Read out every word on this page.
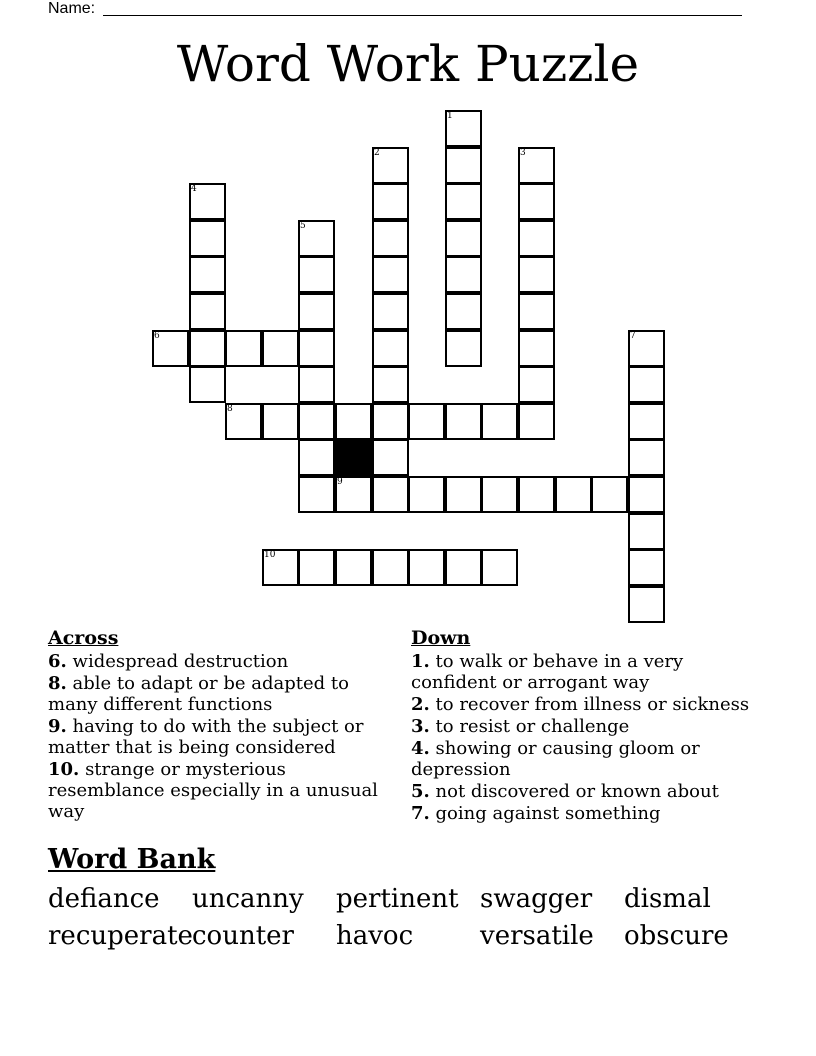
Name:
Word Work Puzzle
1
2	3
4
5
7
6
8
9
10
Across
6. widespread destruction
8. able to adapt or be adapted to many different functions
9. having to do with the subject or matter that is being considered
10. strange or mysterious resemblance especially in a unusual way
Down
1. to walk or behave in a very confident or arrogant way
2. to recover from illness or sickness
3. to resist or challenge
4. showing or causing gloom or depression
5. not discovered or known about
7. going against something
Word Bank
defiance	uncanny	pertinent swagger	dismal
recuperate counter	havoc	versatile	obscure
